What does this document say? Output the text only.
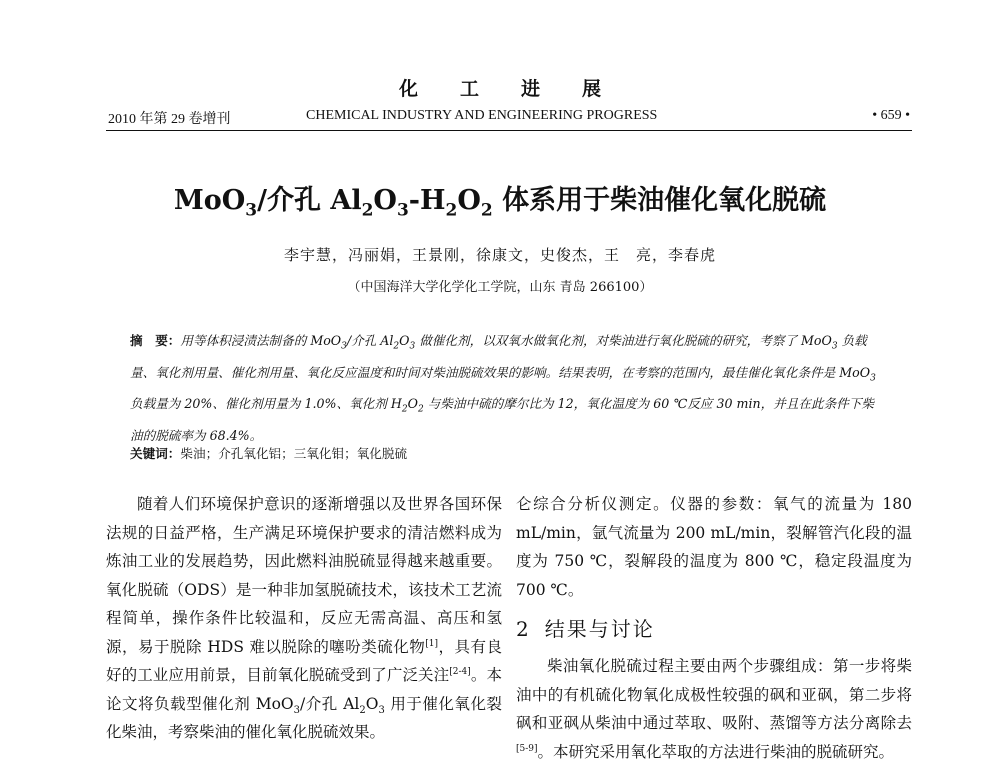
化工进展
2010 年第 29 卷增刊	CHEMICAL INDUSTRY AND ENGINEERING PROGRESS	• 659 •
MoO$_3$/介孔 $Al_2O_3-H_2O_2$ 体系用于柴油催化氧化脱硫
李宇慧，冯丽娟，王景刚，徐康文，史俊杰，王　亮，李春虎
（中国海洋大学化学化工学院，山东 青岛 266100）
摘　要：用等体积浸渍法制备的 MoO$_3$/介孔 $Al_2O_3$ 做催化剂，以双氧水做氧化剂，对柴油进行氧化脱硫的研究，考察了 MoO$_3$ 负载量、氧化剂用量、催化剂用量、氧化反应温度和时间对柴油脱硫效果的影响。结果表明，在考察的范围内，最佳催化氧化条件是 MoO$_3$ 负载量为 20%、催化剂用量为 1.0%、氧化剂 $H_2O_2$ 与柴油中硫的摩尔比为 12，氧化温度为 60 ℃反应 30 min，并且在此条件下柴油的脱硫率为 68.4%。
关键词：柴油；介孔氧化铝；三氧化钼；氧化脱硫

随着人们环境保护意识的逐渐增强以及世界各国环保法规的日益严格，生产满足环境保护要求的清洁燃料成为炼油工业的发展趋势，因此燃料油脱硫显得越来越重要。氧化脱硫（ODS）是一种非加氢脱硫技术，该技术工艺流程简单，操作条件比较温和，反应无需高温、高压和氢源，易于脱除 HDS 难以脱除的噻吩类硫化物[1]，具有良好的工业应用前景，目前氧化脱硫受到了广泛关注[2-4]。本论文将负载型催化剂 MoO$_3$/介孔 $Al_2O_3$ 用于催化氧化裂化柴油，考察柴油的催化氧化脱硫效果。

仑综合分析仪测定。仪器的参数：氧气的流量为 180 mL/min，氩气流量为 200 mL/min，裂解管汽化段的温度为 750 ℃，裂解段的温度为 800 ℃，稳定段温度为 700 ℃。

2 结果与讨论

柴油氧化脱硫过程主要由两个步骤组成：第一步将柴油中的有机硫化物氧化成极性较强的砜和亚砜，第二步将砜和亚砜从柴油中通过萃取、吸附、蒸馏等方法分离除去[5-9]。本研究采用氧化萃取的方法进行柴油的脱硫研究。
